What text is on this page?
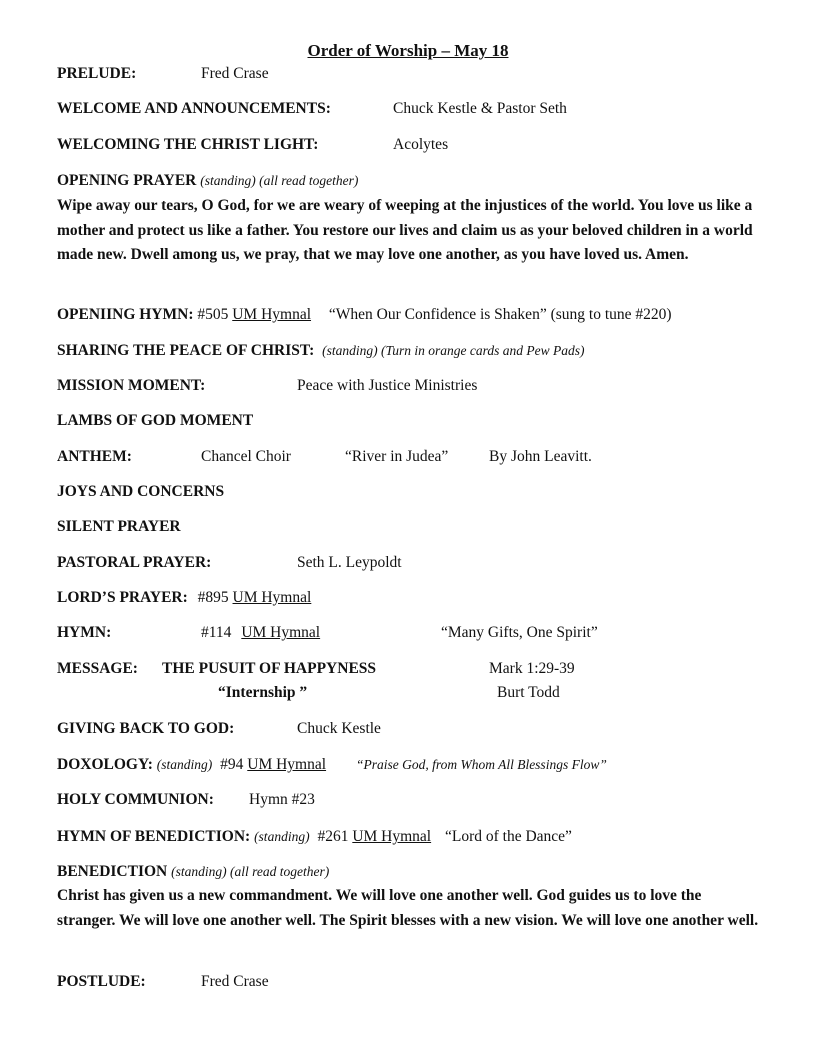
Order of Worship – May 18
PRELUDE:	Fred Crase
WELCOME AND ANNOUNCEMENTS:	Chuck Kestle & Pastor Seth
WELCOMING THE CHRIST LIGHT:	Acolytes
OPENING PRAYER (standing) (all read together)
Wipe away our tears, O God, for we are weary of weeping at the injustices of the world. You love us like a mother and protect us like a father. You restore our lives and claim us as your beloved children in a world made new. Dwell among us, we pray, that we may love one another, as you have loved us. Amen.
OPENIING HYMN: #505 UM Hymnal “When Our Confidence is Shaken” (sung to tune #220)
SHARING THE PEACE OF CHRIST: (standing) (Turn in orange cards and Pew Pads)
MISSION MOMENT:	Peace with Justice Ministries
LAMBS OF GOD MOMENT
ANTHEM:	Chancel Choir	“River in Judea”	By John Leavitt.
JOYS AND CONCERNS
SILENT PRAYER
PASTORAL PRAYER:	Seth L. Leypoldt
LORD’S PRAYER: #895 UM Hymnal
HYMN:	#114 UM Hymnal	“Many Gifts, One Spirit”
MESSAGE: THE PUSUIT OF HAPPYNESS	Mark 1:29-39
“Internship ”	Burt Todd
GIVING BACK TO GOD:	Chuck Kestle
DOXOLOGY: (standing) #94 UM Hymnal “Praise God, from Whom All Blessings Flow”
HOLY COMMUNION: Hymn #23
HYMN OF BENEDICTION: (standing) #261 UM Hymnal “Lord of the Dance”
BENEDICTION (standing) (all read together)
Christ has given us a new commandment. We will love one another well. God guides us to love the stranger. We will love one another well. The Spirit blesses with a new vision. We will love one another well.
POSTLUDE:	Fred Crase
